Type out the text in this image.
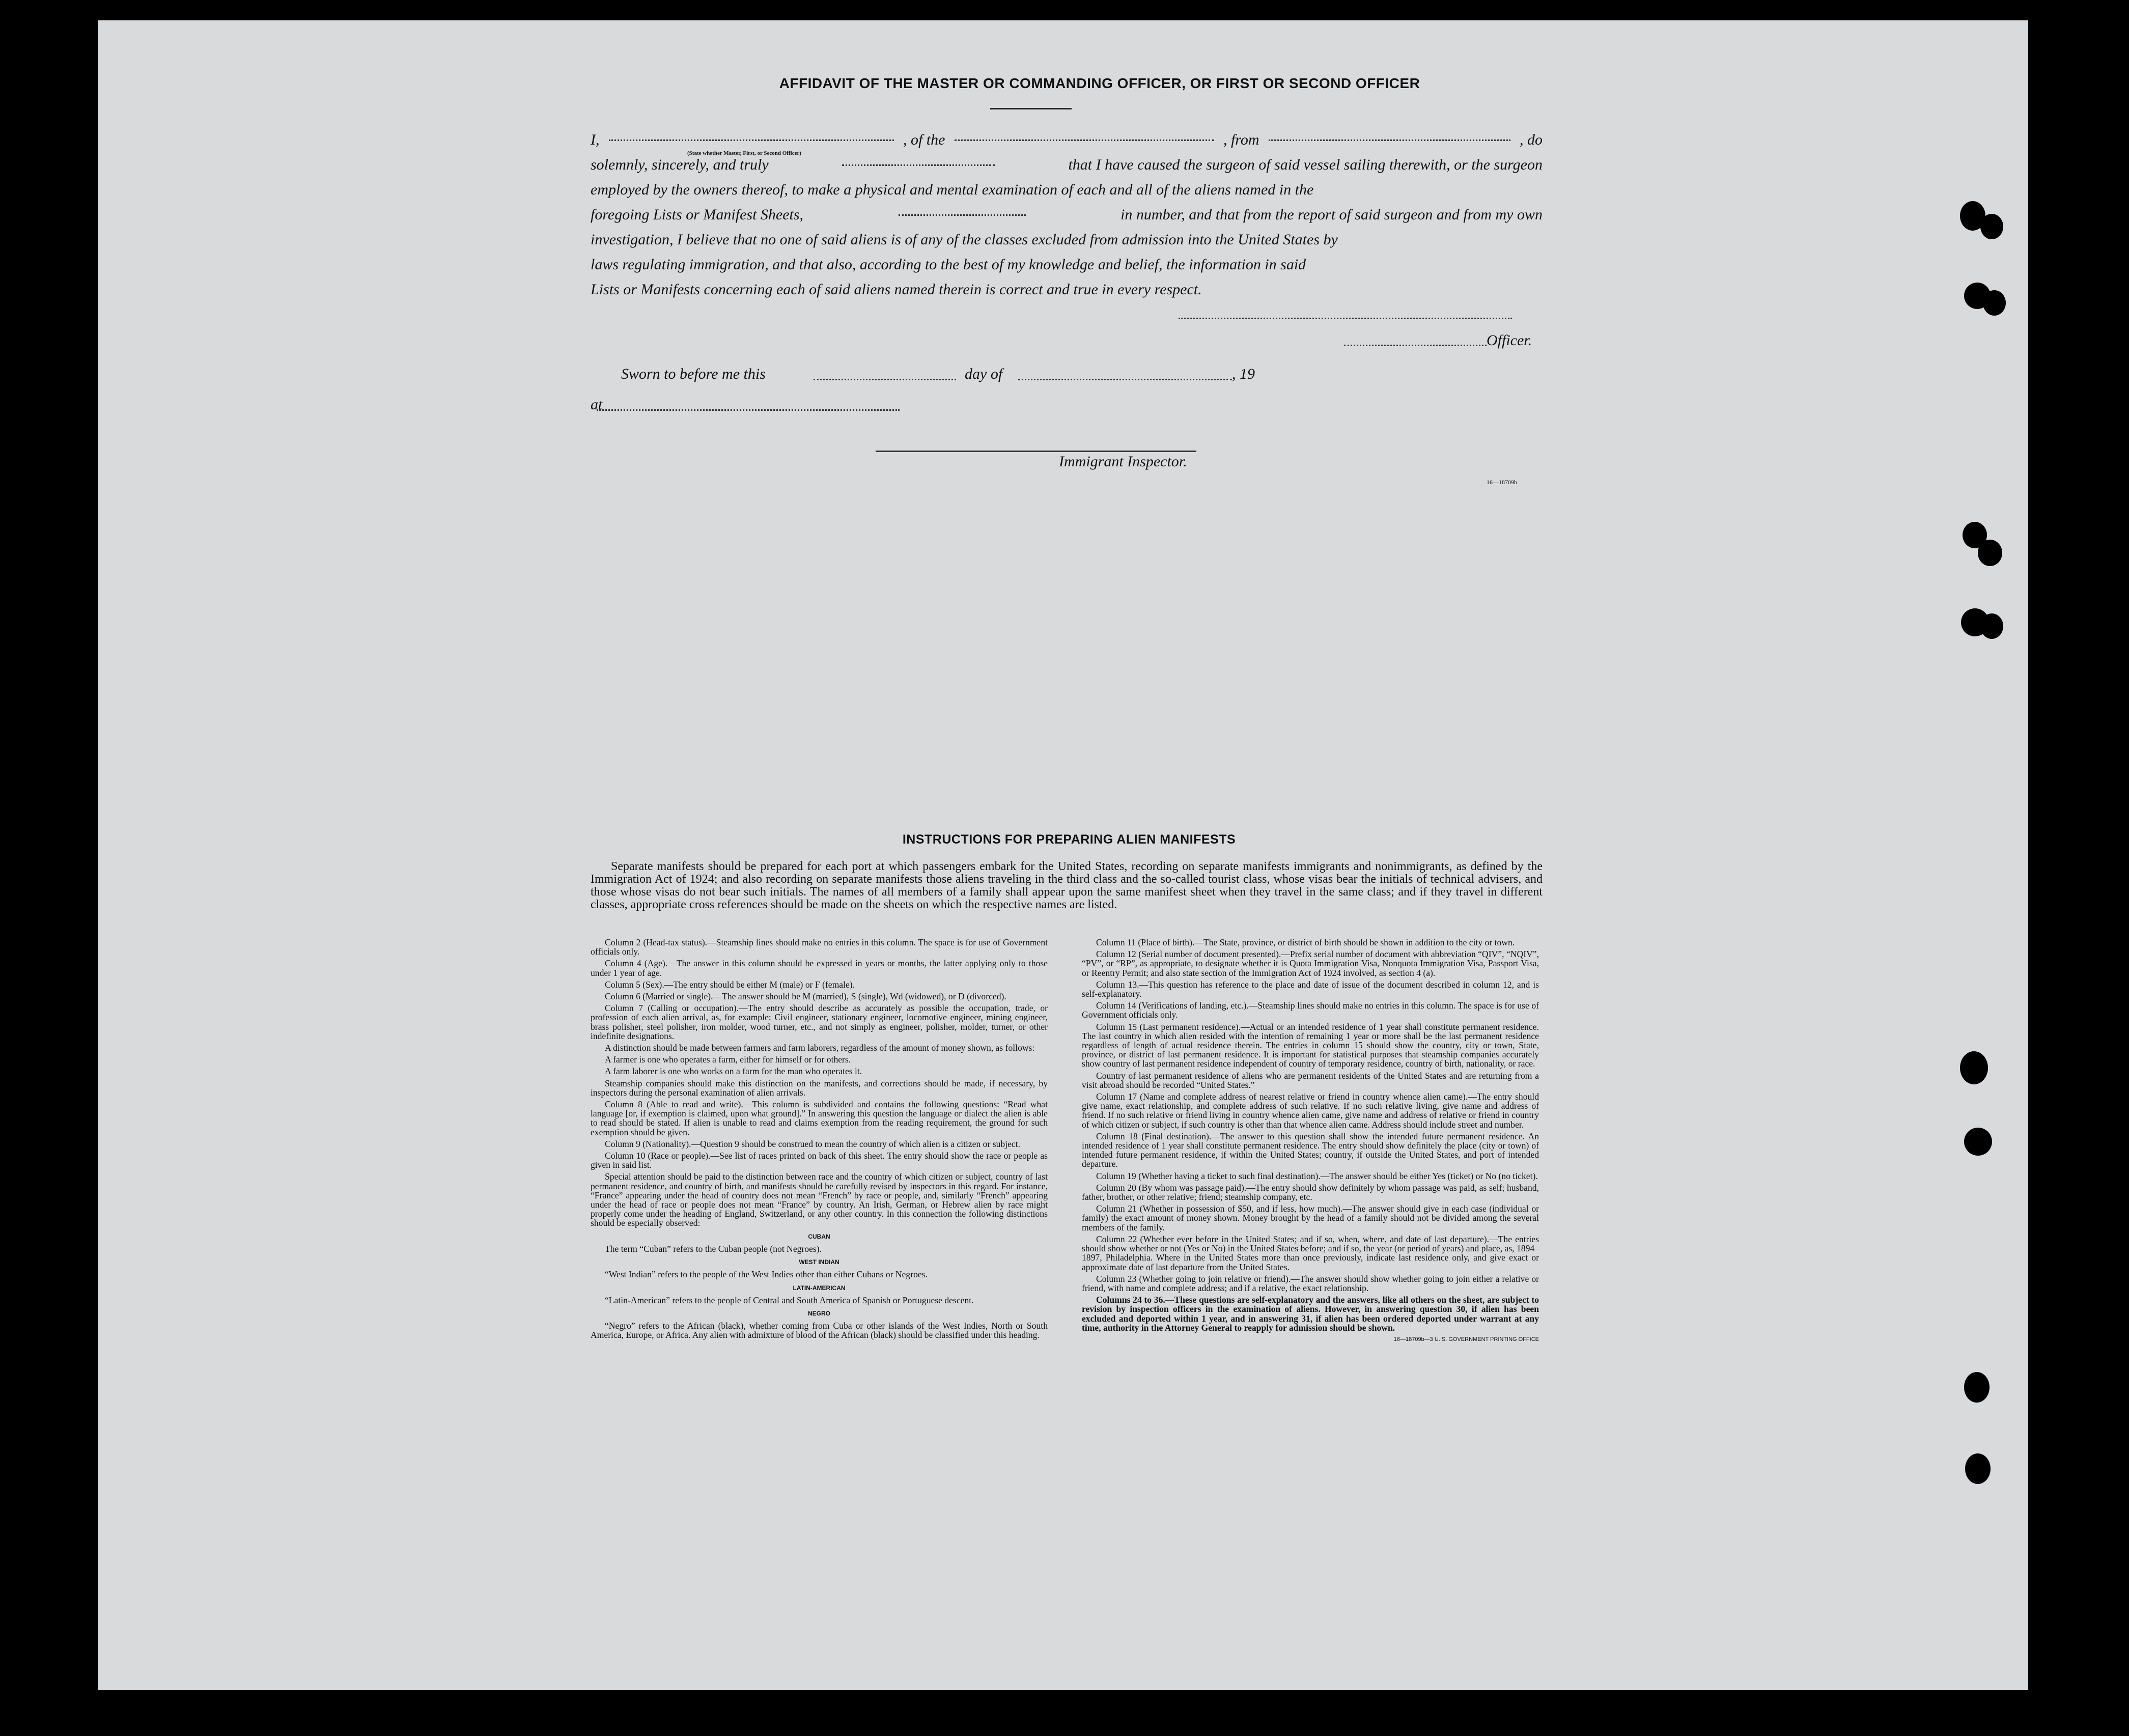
AFFIDAVIT OF THE MASTER OR COMMANDING OFFICER, OR FIRST OR SECOND OFFICER
I,	, of the	, from	, do
solemnly, sincerely, and truly	that I have caused the surgeon of said vessel sailing therewith, or the surgeon
employed by the owners thereof, to make a physical and mental examination of each and all of the aliens named in the
foregoing Lists or Manifest Sheets,	in number, and that from the report of said surgeon and from my own
investigation, I believe that no one of said aliens is of any of the classes excluded from admission into the United States by
laws regulating immigration, and that also, according to the best of my knowledge and belief, the information in said
Lists or Manifests concerning each of said aliens named therein is correct and true in every respect.
(State whether Master, First, or Second Officer)
Officer.
Sworn to before me this	day of	, 19
at
Immigrant Inspector.
16—18709b
INSTRUCTIONS FOR PREPARING ALIEN MANIFESTS
Separate manifests should be prepared for each port at which passengers embark for the United States, recording on separate manifests immigrants and nonimmigrants, as defined by the Immigration Act of 1924; and also recording on separate manifests those aliens traveling in the third class and the so-called tourist class, whose visas bear the initials of technical advisers, and those whose visas do not bear such initials. The names of all members of a family shall appear upon the same manifest sheet when they travel in the same class; and if they travel in different classes, appropriate cross references should be made on the sheets on which the respective names are listed.

Column 2 (Head-tax status).—Steamship lines should make no entries in this column. The space is for use of Government officials only.

Column 4 (Age).—The answer in this column should be expressed in years or months, the latter applying only to those under 1 year of age.

Column 5 (Sex).—The entry should be either M (male) or F (female).

Column 6 (Married or single).—The answer should be M (married), S (single), Wd (widowed), or D (divorced).

Column 7 (Calling or occupation).—The entry should describe as accurately as possible the occupation, trade, or profession of each alien arrival, as, for example: Civil engineer, stationary engineer, locomotive engineer, mining engineer, brass polisher, steel polisher, iron molder, wood turner, etc., and not simply as engineer, polisher, molder, turner, or other indefinite designations.

A distinction should be made between farmers and farm laborers, regardless of the amount of money shown, as follows:

A farmer is one who operates a farm, either for himself or for others.

A farm laborer is one who works on a farm for the man who operates it.

Steamship companies should make this distinction on the manifests, and corrections should be made, if necessary, by inspectors during the personal examination of alien arrivals.

Column 8 (Able to read and write).—This column is subdivided and contains the following questions: “Read what language [or, if exemption is claimed, upon what ground].” In answering this question the language or dialect the alien is able to read should be stated. If alien is unable to read and claims exemption from the reading requirement, the ground for such exemption should be given.

Column 9 (Nationality).—Question 9 should be construed to mean the country of which alien is a citizen or subject.

Column 10 (Race or people).—See list of races printed on back of this sheet. The entry should show the race or people as given in said list.

Special attention should be paid to the distinction between race and the country of which citizen or subject, country of last permanent residence, and country of birth, and manifests should be carefully revised by inspectors in this regard. For instance, “France” appearing under the head of country does not mean “French” by race or people, and, similarly “French” appearing under the head of race or people does not mean “France” by country. An Irish, German, or Hebrew alien by race might properly come under the heading of England, Switzerland, or any other country. In this connection the following distinctions should be especially observed:

CUBAN

The term “Cuban” refers to the Cuban people (not Negroes).

WEST INDIAN

“West Indian” refers to the people of the West Indies other than either Cubans or Negroes.

LATIN-AMERICAN

“Latin-American” refers to the people of Central and South America of Spanish or Portuguese descent.

NEGRO

“Negro” refers to the African (black), whether coming from Cuba or other islands of the West Indies, North or South America, Europe, or Africa. Any alien with admixture of blood of the African (black) should be classified under this heading.

Column 11 (Place of birth).—The State, province, or district of birth should be shown in addition to the city or town.

Column 12 (Serial number of document presented).—Prefix serial number of document with abbreviation “QIV”, “NQIV”, “PV”, or “RP”, as appropriate, to designate whether it is Quota Immigration Visa, Nonquota Immigration Visa, Passport Visa, or Reentry Permit; and also state section of the Immigration Act of 1924 involved, as section 4 (a).

Column 13.—This question has reference to the place and date of issue of the document described in column 12, and is self-explanatory.

Column 14 (Verifications of landing, etc.).—Steamship lines should make no entries in this column. The space is for use of Government officials only.

Column 15 (Last permanent residence).—Actual or an intended residence of 1 year shall constitute permanent residence. The last country in which alien resided with the intention of remaining 1 year or more shall be the last permanent residence regardless of length of actual residence therein. The entries in column 15 should show the country, city or town, State, province, or district of last permanent residence. It is important for statistical purposes that steamship companies accurately show country of last permanent residence independent of country of temporary residence, country of birth, nationality, or race.

Country of last permanent residence of aliens who are permanent residents of the United States and are returning from a visit abroad should be recorded “United States.”

Column 17 (Name and complete address of nearest relative or friend in country whence alien came).—The entry should give name, exact relationship, and complete address of such relative. If no such relative living, give name and address of friend. If no such relative or friend living in country whence alien came, give name and address of relative or friend in country of which citizen or subject, if such country is other than that whence alien came. Address should include street and number.

Column 18 (Final destination).—The answer to this question shall show the intended future permanent residence. An intended residence of 1 year shall constitute permanent residence. The entry should show definitely the place (city or town) of intended future permanent residence, if within the United States; country, if outside the United States, and port of intended departure.

Column 19 (Whether having a ticket to such final destination).—The answer should be either Yes (ticket) or No (no ticket).

Column 20 (By whom was passage paid).—The entry should show definitely by whom passage was paid, as self; husband, father, brother, or other relative; friend; steamship company, etc.

Column 21 (Whether in possession of $50, and if less, how much).—The answer should give in each case (individual or family) the exact amount of money shown. Money brought by the head of a family should not be divided among the several members of the family.

Column 22 (Whether ever before in the United States; and if so, when, where, and date of last departure).—The entries should show whether or not (Yes or No) in the United States before; and if so, the year (or period of years) and place, as, 1894–1897, Philadelphia. Where in the United States more than once previously, indicate last residence only, and give exact or approximate date of last departure from the United States.

Column 23 (Whether going to join relative or friend).—The answer should show whether going to join either a relative or friend, with name and complete address; and if a relative, the exact relationship.

Columns 24 to 36.—These questions are self-explanatory and the answers, like all others on the sheet, are subject to revision by inspection officers in the examination of aliens. However, in answering question 30, if alien has been excluded and deported within 1 year, and in answering 31, if alien has been ordered deported under warrant at any time, authority in the Attorney General to reapply for admission should be shown.

16—18709b—3 U. S. GOVERNMENT PRINTING OFFICE
